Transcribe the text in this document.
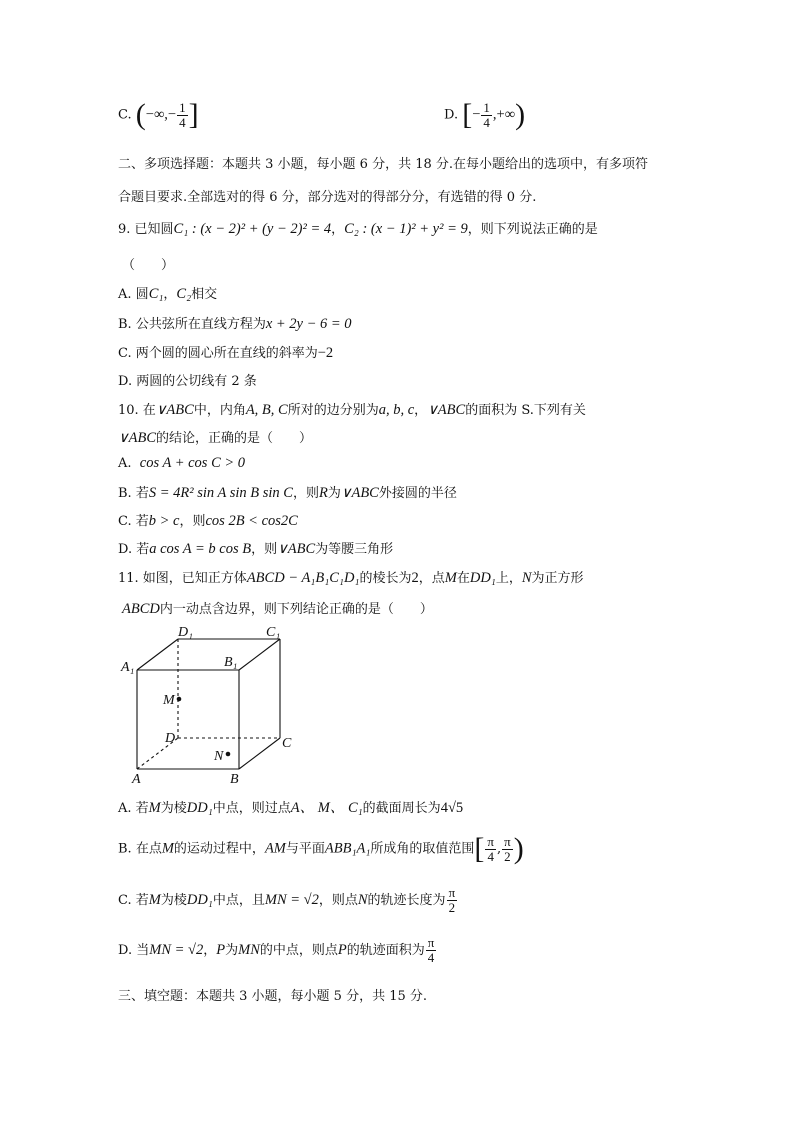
C. (−∞,− $\frac{1}{4}$ ]	D. [− $\frac{1}{4}$ ,+∞)
二、多项选择题：本题共 3 小题，每小题 6 分，共 18 分.在每小题给出的选项中，有多项符
合题目要求.全部选对的得 6 分，部分选对的得部分分，有选错的得 0 分.
9. 已知圆C₁ : (x − 2)² + (y − 2)² = 4，C₂ : (x − 1)² + y² = 9，则下列说法正确的是
（　　）
A. 圆C₁，C₂相交
B. 公共弦所在直线方程为x + 2y − 6 = 0
C. 两个圆的圆心所在直线的斜率为−2
D. 两圆的公切线有 2 条
10. 在∨ABC中，内角A, B, C所对的边分别为a, b, c，∨ABC的面积为 S.下列有关
∨ABC的结论，正确的是（　　）
A. cos A + cos C > 0
B. 若S = 4R² sin A sin B sin C，则R为∨ABC外接圆的半径
C. 若b > c，则cos 2B < cos2C
D. 若a cos A = b cos B，则∨ABC为等腰三角形
11. 如图，已知正方体ABCD − A₁B₁C₁D₁的棱长为2，点M在DD₁上，N为正方形
ABCD内一动点含边界，则下列结论正确的是（　　）
D₁	C₁
A₁	B₁
M
D	C
N
A	B
A. 若M为棱DD₁中点，则过点A、 M、 C₁的截面周长为4√5
B. 在点M的运动过程中，AM与平面ABB₁A₁所成角的取值范围[ $\frac{\pi}{4}$ , $\frac{\pi}{2}$ )
C. 若M为棱DD₁中点，且MN = √2，则点N的轨迹长度为 $\frac{\pi}{2}$
D. 当MN = √2，P为MN的中点，则点P的轨迹面积为 $\frac{\pi}{4}$
三、填空题：本题共 3 小题，每小题 5 分，共 15 分.
